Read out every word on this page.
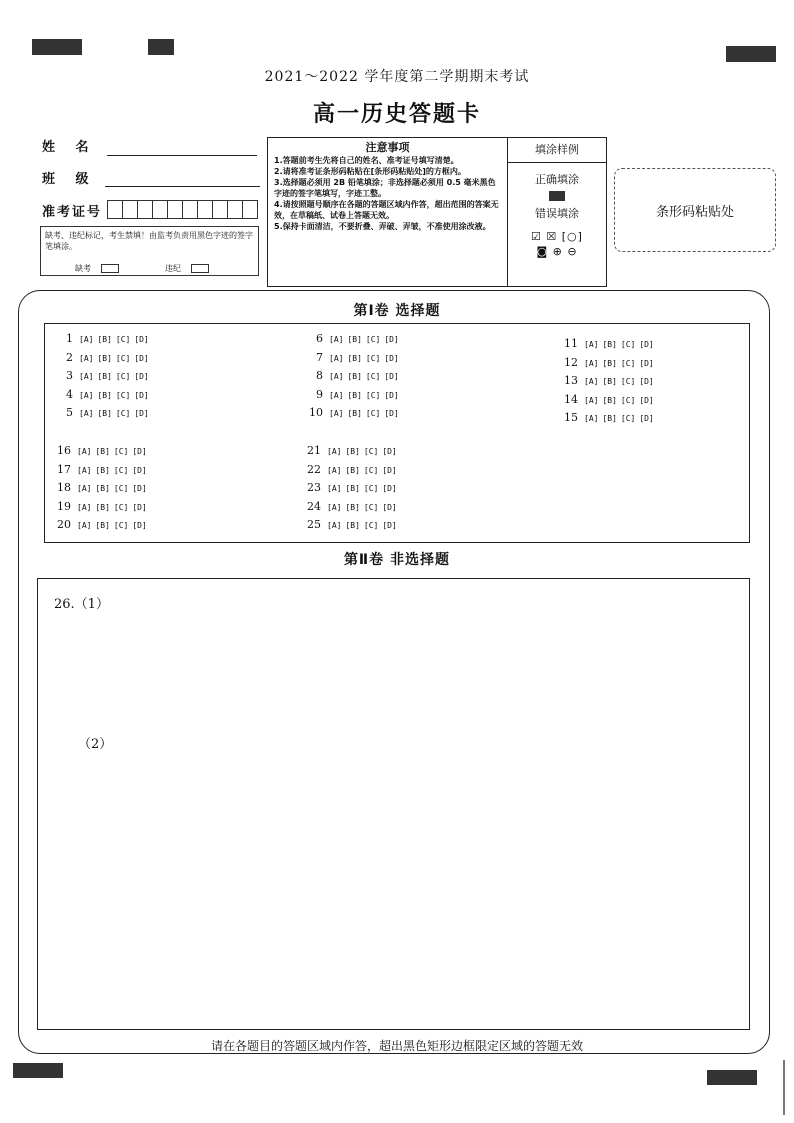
2021～2022 学年度第二学期期末考试
高一历史答题卡
姓 名
班 级
准考证号
缺考、违纪标记，考生禁填！由监考负责用黑色字迹的签字笔填涂。
缺考	违纪
注意事项
1.答题前考生先将自己的姓名、准考证号填写清楚。
2.请将准考证条形码粘贴在[条形码粘贴处]的方框内。
3.选择题必须用 2B 铅笔填涂；非选择题必须用 0.5 毫米黑色字迹的签字笔填写，字迹工整。
4.请按照题号顺序在各题的答题区域内作答，超出范围的答案无效，在草稿纸、试卷上答题无效。
5.保持卡面清洁，不要折叠、弄破、弄皱，不准使用涂改液。
填涂样例
正确填涂
错误填涂
☑ ☒ [○]
◙ ⊕ ⊖
条形码粘贴处
第Ⅰ卷 选择题
第Ⅱ卷 非选择题
26.（1）
（2）
请在各题目的答题区域内作答，超出黑色矩形边框限定区域的答题无效
1 [A] [B] [C] [D]
2 [A] [B] [C] [D]
3 [A] [B] [C] [D]
4 [A] [B] [C] [D]
5 [A] [B] [C] [D]
6 [A] [B] [C] [D]
7 [A] [B] [C] [D]
8 [A] [B] [C] [D]
9 [A] [B] [C] [D]
10 [A] [B] [C] [D]
11 [A] [B] [C] [D]
12 [A] [B] [C] [D]
13 [A] [B] [C] [D]
14 [A] [B] [C] [D]
15 [A] [B] [C] [D]
16 [A] [B] [C] [D]
17 [A] [B] [C] [D]
18 [A] [B] [C] [D]
19 [A] [B] [C] [D]
20 [A] [B] [C] [D]
21 [A] [B] [C] [D]
22 [A] [B] [C] [D]
23 [A] [B] [C] [D]
24 [A] [B] [C] [D]
25 [A] [B] [C] [D]
